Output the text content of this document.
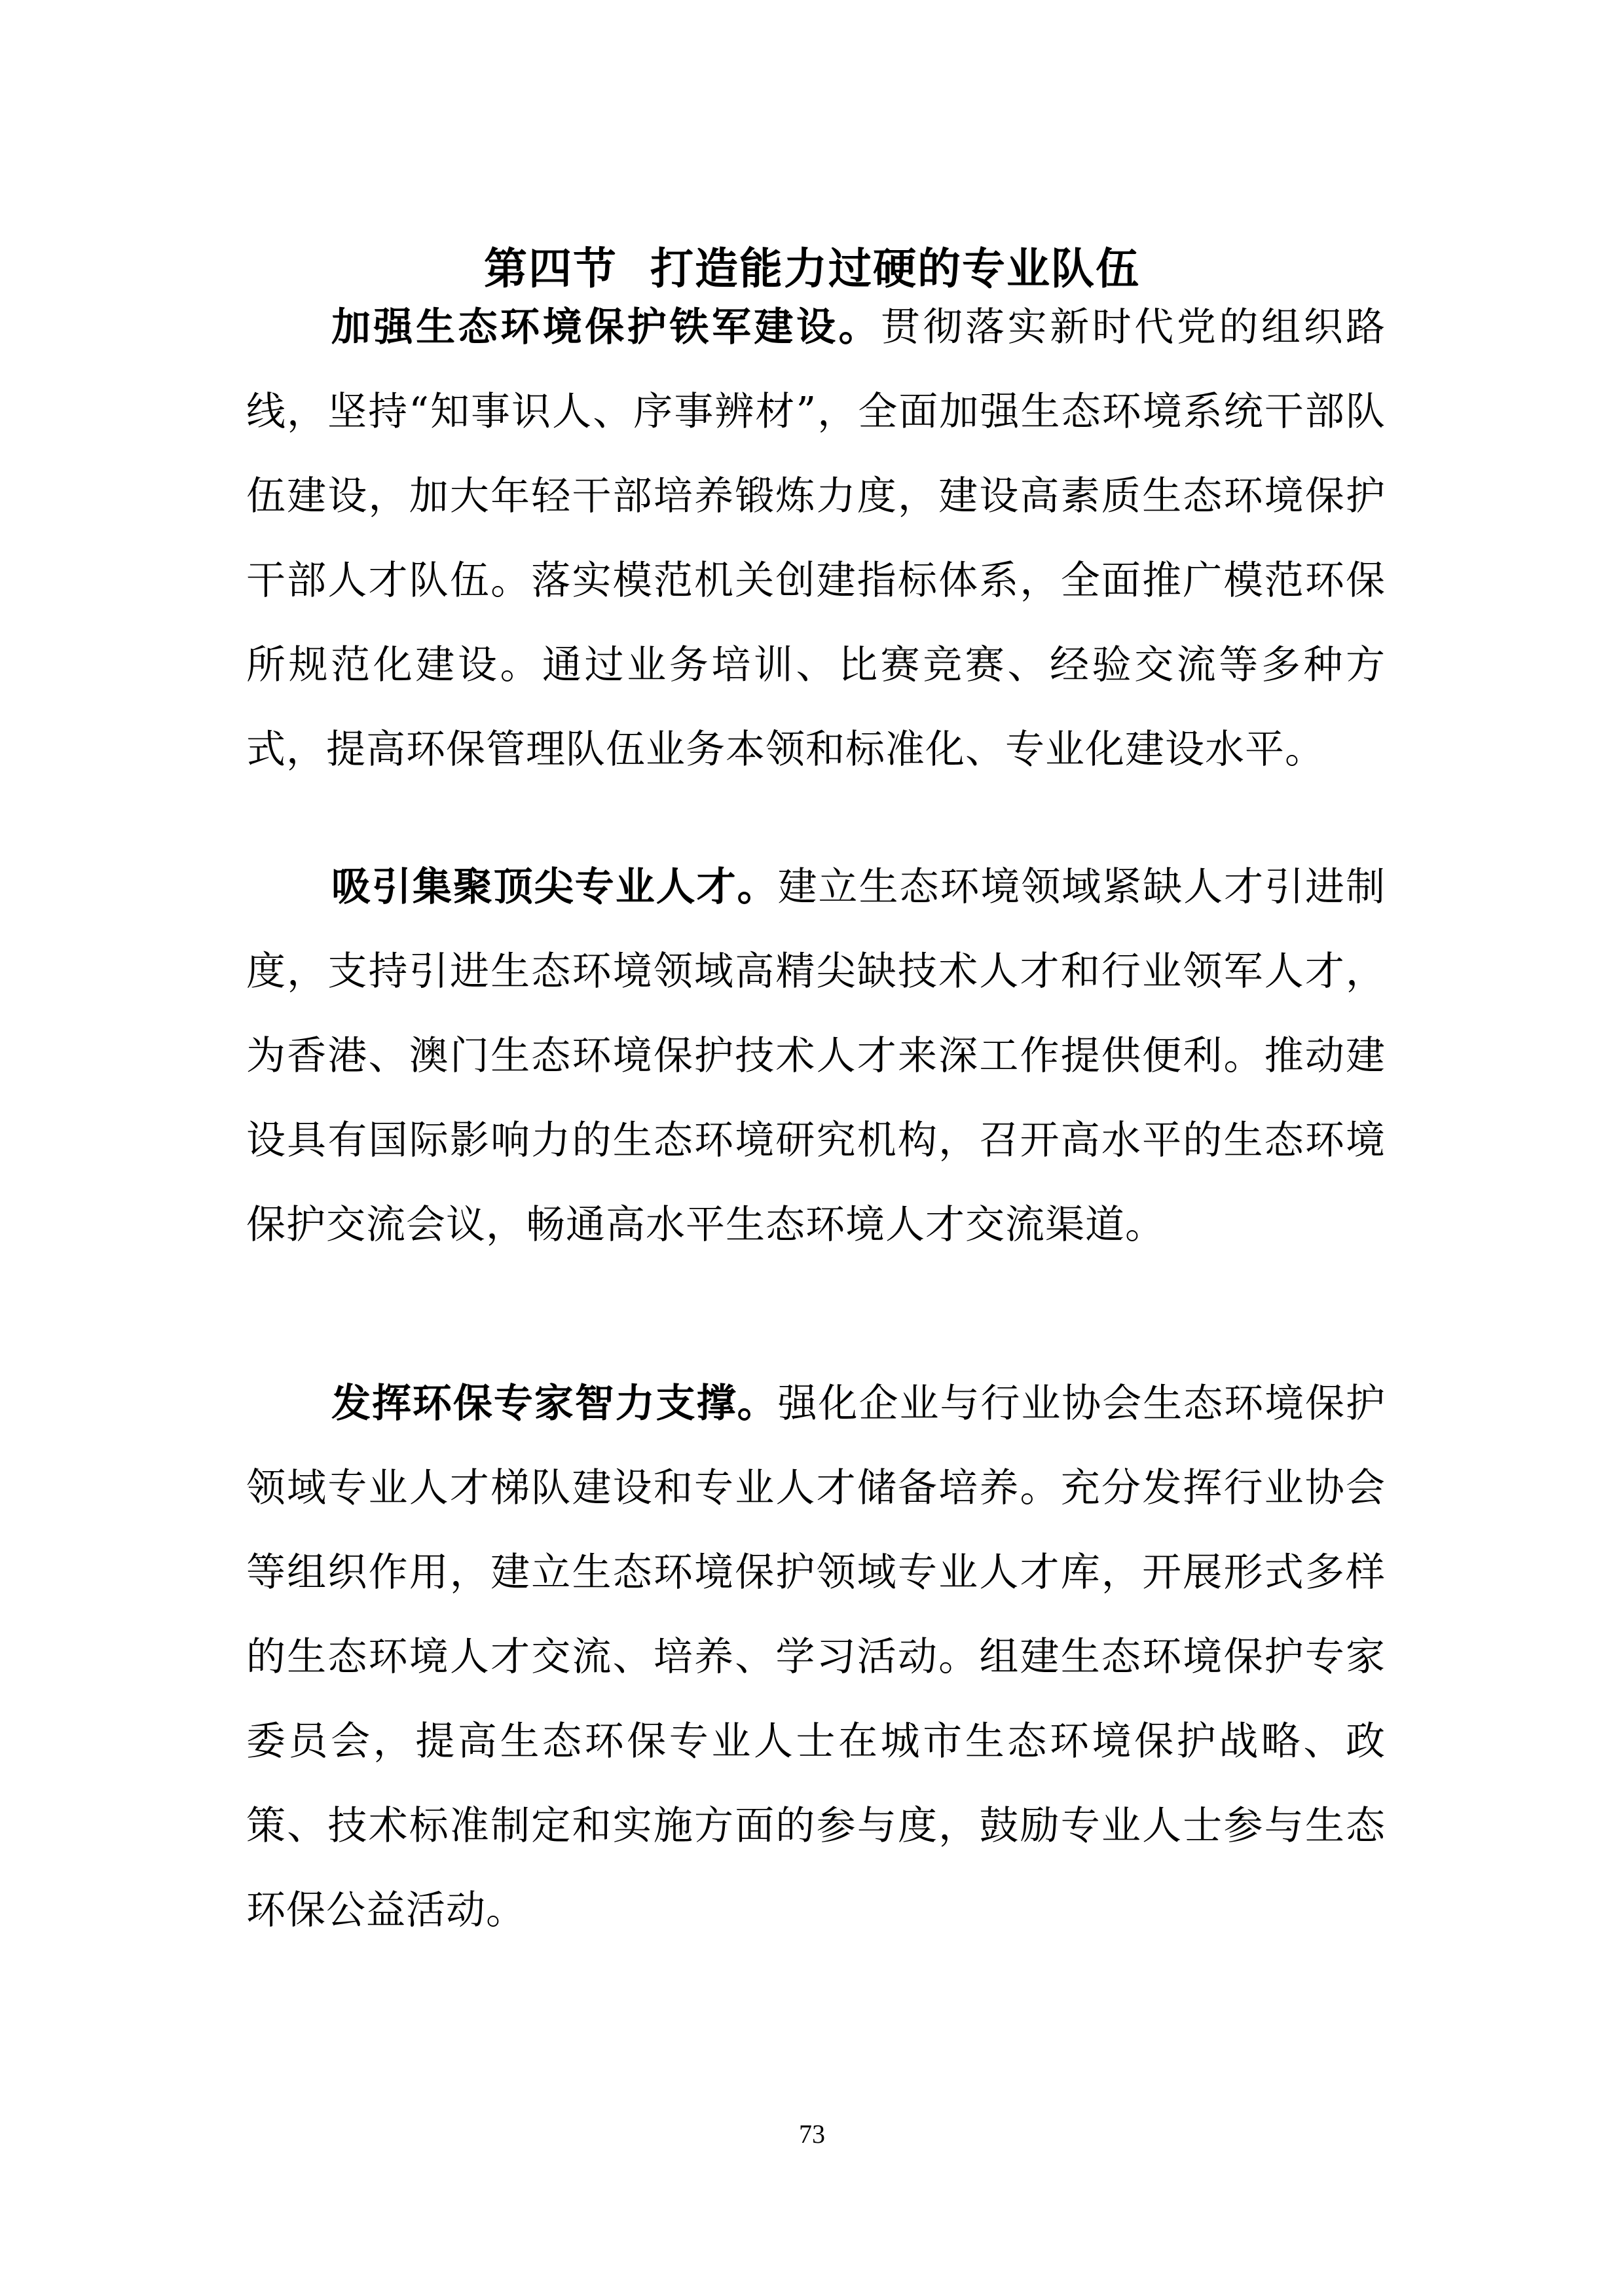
第四节 打造能力过硬的专业队伍

加强生态环境保护铁军建设。贯彻落实新时代党的组织路线，坚持“知事识人、序事辨材”，全面加强生态环境系统干部队伍建设，加大年轻干部培养锻炼力度，建设高素质生态环境保护干部人才队伍。落实模范机关创建指标体系，全面推广模范环保所规范化建设。通过业务培训、比赛竞赛、经验交流等多种方式，提高环保管理队伍业务本领和标准化、专业化建设水平。

吸引集聚顶尖专业人才。建立生态环境领域紧缺人才引进制度，支持引进生态环境领域高精尖缺技术人才和行业领军人才，为香港、澳门生态环境保护技术人才来深工作提供便利。推动建设具有国际影响力的生态环境研究机构，召开高水平的生态环境保护交流会议，畅通高水平生态环境人才交流渠道。

发挥环保专家智力支撑。强化企业与行业协会生态环境保护领域专业人才梯队建设和专业人才储备培养。充分发挥行业协会等组织作用，建立生态环境保护领域专业人才库，开展形式多样的生态环境人才交流、培养、学习活动。组建生态环境保护专家委员会，提高生态环保专业人士在城市生态环境保护战略、政策、技术标准制定和实施方面的参与度，鼓励专业人士参与生态环保公益活动。

73
